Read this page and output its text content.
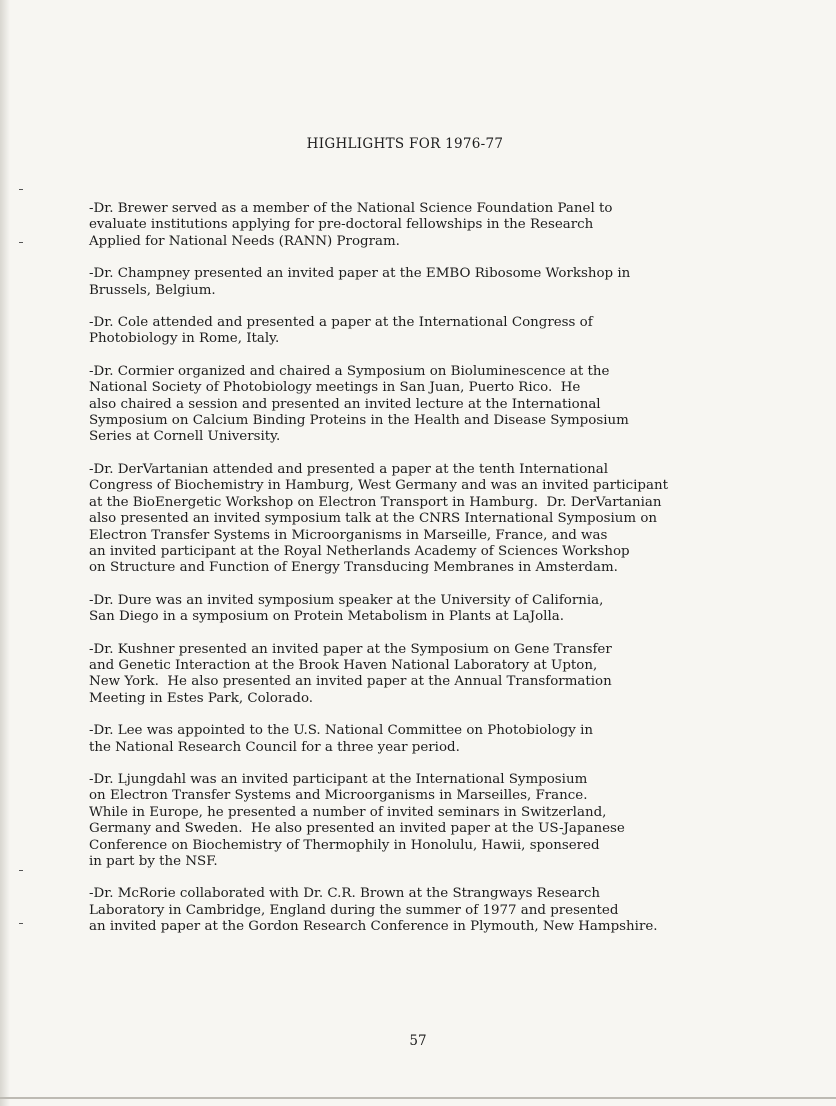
HIGHLIGHTS FOR 1976-77

-Dr. Brewer served as a member of the National Science Foundation Panel to
evaluate institutions applying for pre-doctoral fellowships in the Research
Applied for National Needs (RANN) Program.

-Dr. Champney presented an invited paper at the EMBO Ribosome Workshop in
Brussels, Belgium.

-Dr. Cole attended and presented a paper at the International Congress of
Photobiology in Rome, Italy.

-Dr. Cormier organized and chaired a Symposium on Bioluminescence at the
National Society of Photobiology meetings in San Juan, Puerto Rico.  He
also chaired a session and presented an invited lecture at the International
Symposium on Calcium Binding Proteins in the Health and Disease Symposium
Series at Cornell University.

-Dr. DerVartanian attended and presented a paper at the tenth International
Congress of Biochemistry in Hamburg, West Germany and was an invited participant
at the BioEnergetic Workshop on Electron Transport in Hamburg.  Dr. DerVartanian
also presented an invited symposium talk at the CNRS International Symposium on
Electron Transfer Systems in Microorganisms in Marseille, France, and was
an invited participant at the Royal Netherlands Academy of Sciences Workshop
on Structure and Function of Energy Transducing Membranes in Amsterdam.

-Dr. Dure was an invited symposium speaker at the University of California,
San Diego in a symposium on Protein Metabolism in Plants at LaJolla.

-Dr. Kushner presented an invited paper at the Symposium on Gene Transfer
and Genetic Interaction at the Brook Haven National Laboratory at Upton,
New York.  He also presented an invited paper at the Annual Transformation
Meeting in Estes Park, Colorado.

-Dr. Lee was appointed to the U.S. National Committee on Photobiology in
the National Research Council for a three year period.

-Dr. Ljungdahl was an invited participant at the International Symposium
on Electron Transfer Systems and Microorganisms in Marseilles, France.
While in Europe, he presented a number of invited seminars in Switzerland,
Germany and Sweden.  He also presented an invited paper at the US-Japanese
Conference on Biochemistry of Thermophily in Honolulu, Hawii, sponsered
in part by the NSF.

-Dr. McRorie collaborated with Dr. C.R. Brown at the Strangways Research
Laboratory in Cambridge, England during the summer of 1977 and presented
an invited paper at the Gordon Research Conference in Plymouth, New Hampshire.

57
